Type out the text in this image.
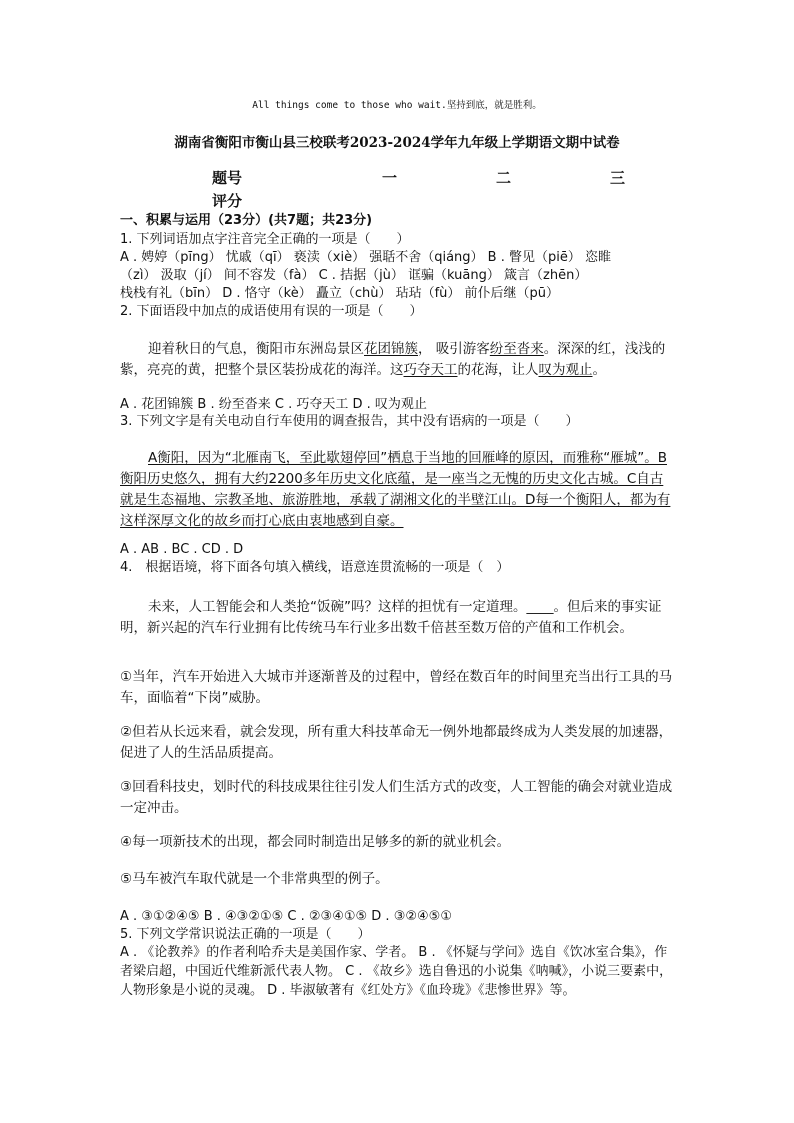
All things come to those who wait.坚持到底，就是胜利。
湖南省衡阳市衡山县三校联考2023-2024学年九年级上学期语文期中试卷
题号	一	二	三
评分
一、积累与运用（23分）(共7题；共23分)
1. 下列词语加点字注音完全正确的一项是（　　）
A . 娉婷（pīng） 忧戚（qī） 亵渎（xiè） 强聒不舍（qiáng） B . 瞥见（piē） 恣睢
（zì） 汲取（jí） 间不容发（fà） C . 拮据（jù） 诓骗（kuāng） 箴言（zhēn）
栈栈有礼（bīn） D . 恪守（kè） 矗立（chù） 玷玷（fù） 前仆后继（pū）
2. 下面语段中加点的成语使用有误的一项是（　　）
迎着秋日的气息，衡阳市东洲岛景区花团锦簇， 吸引游客纷至沓来。深深的红，浅浅的紫，亮亮的黄，把整个景区装扮成花的海洋。这巧夺天工的花海，让人叹为观止。
A . 花团锦簇 B . 纷至沓来 C . 巧夺天工 D . 叹为观止
3. 下列文字是有关电动自行车使用的调查报告，其中没有语病的一项是（　　）
A衡阳，因为“北雁南飞，至此歇翅停回”栖息于当地的回雁峰的原因，而雅称“雁城”。B衡阳历史悠久，拥有大约2200多年历史文化底蕴，是一座当之无愧的历史文化古城。C自古就是生态福地、宗教圣地、旅游胜地，承载了湖湘文化的半壁江山。D每一个衡阳人，都为有这样深厚文化的故乡而打心底由衷地感到自豪。
A . AB . BC . CD . D
4.　根据语境，将下面各句填入横线，语意连贯流畅的一项是（　）
未来，人工智能会和人类抢“饭碗”吗？这样的担忧有一定道理。____。但后来的事实证明，新兴起的汽车行业拥有比传统马车行业多出数千倍甚至数万倍的产值和工作机会。
①当年，汽车开始进入大城市并逐渐普及的过程中，曾经在数百年的时间里充当出行工具的马车，面临着“下岗”威胁。
②但若从长远来看，就会发现，所有重大科技革命无一例外地都最终成为人类发展的加速器，促进了人的生活品质提高。
③回看科技史，划时代的科技成果往往引发人们生活方式的改变，人工智能的确会对就业造成一定冲击。
④每一项新技术的出现，都会同时制造出足够多的新的就业机会。
⑤马车被汽车取代就是一个非常典型的例子。
A . ③①②④⑤ B . ④③②①⑤ C . ②③④①⑤ D . ③②④⑤①
5. 下列文学常识说法正确的一项是（　　）
A . 《论教养》的作者利哈乔夫是美国作家、学者。 B . 《怀疑与学问》选自《饮冰室合集》，作者梁启超，中国近代维新派代表人物。 C . 《故乡》选自鲁迅的小说集《呐喊》，小说三要素中，人物形象是小说的灵魂。 D . 毕淑敏著有《红处方》《血玲珑》《悲惨世界》等。
